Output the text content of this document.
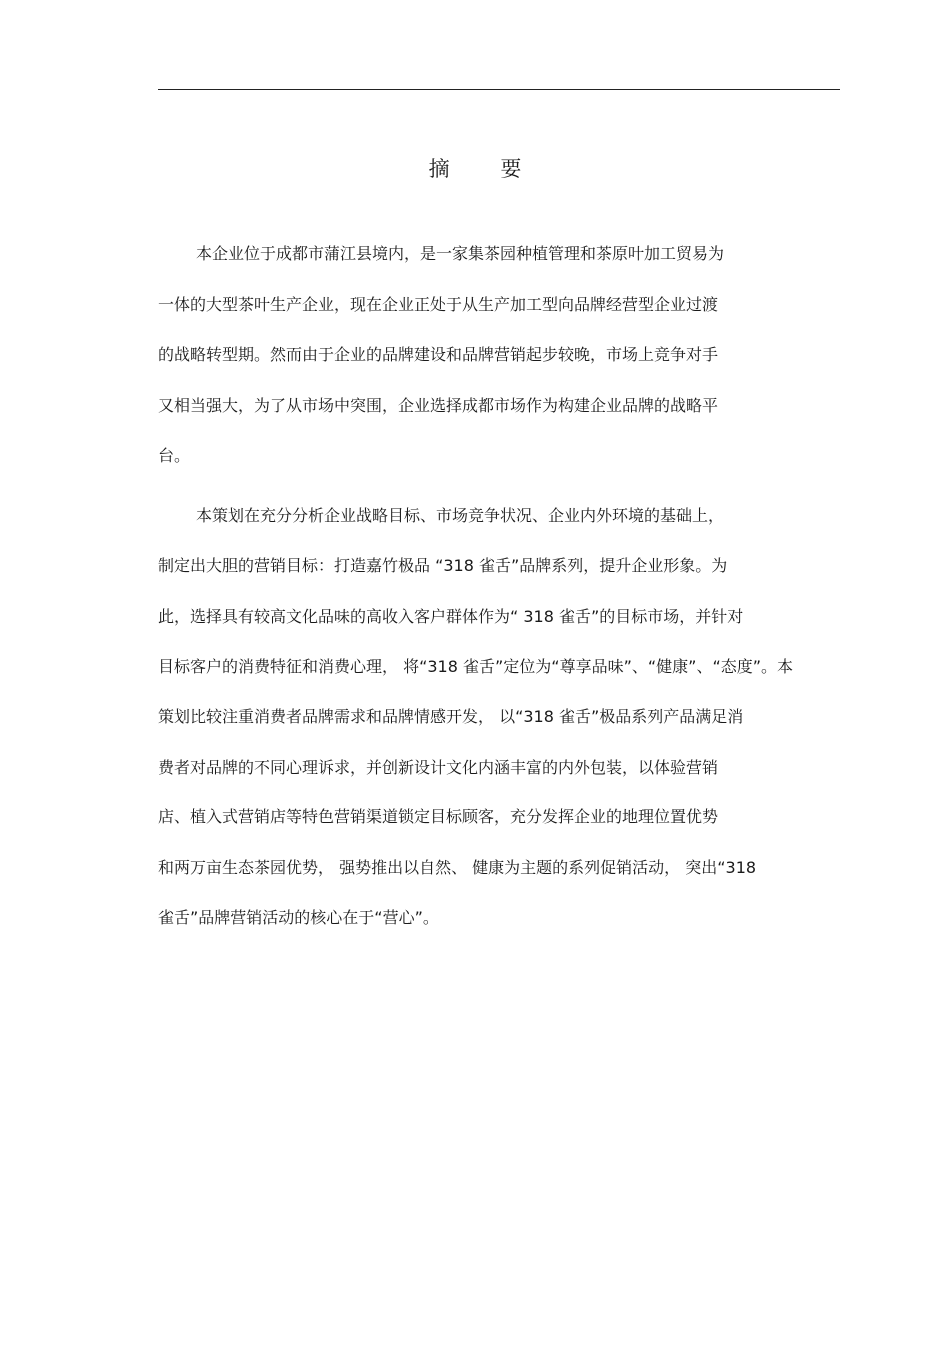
摘 要
本企业位于成都市蒲江县境内，是一家集茶园种植管理和茶原叶加工贸易为
一体的大型茶叶生产企业，现在企业正处于从生产加工型向品牌经营型企业过渡
的战略转型期。然而由于企业的品牌建设和品牌营销起步较晚，市场上竞争对手
又相当强大，为了从市场中突围，企业选择成都市场作为构建企业品牌的战略平
台。
本策划在充分分析企业战略目标、市场竞争状况、企业内外环境的基础上，
制定出大胆的营销目标：打造嘉竹极品 “318 雀舌”品牌系列，提升企业形象。为
此，选择具有较高文化品味的高收入客户群体作为“ 318 雀舌”的目标市场，并针对
目标客户的消费特征和消费心理， 将“318 雀舌”定位为“尊享品味”、“健康”、“态度”。本
策划比较注重消费者品牌需求和品牌情感开发， 以“318 雀舌”极品系列产品满足消
费者对品牌的不同心理诉求，并创新设计文化内涵丰富的内外包装，以体验营销
店、植入式营销店等特色营销渠道锁定目标顾客，充分发挥企业的地理位置优势
和两万亩生态茶园优势， 强势推出以自然、 健康为主题的系列促销活动， 突出“318
雀舌”品牌营销活动的核心在于“营心”。
